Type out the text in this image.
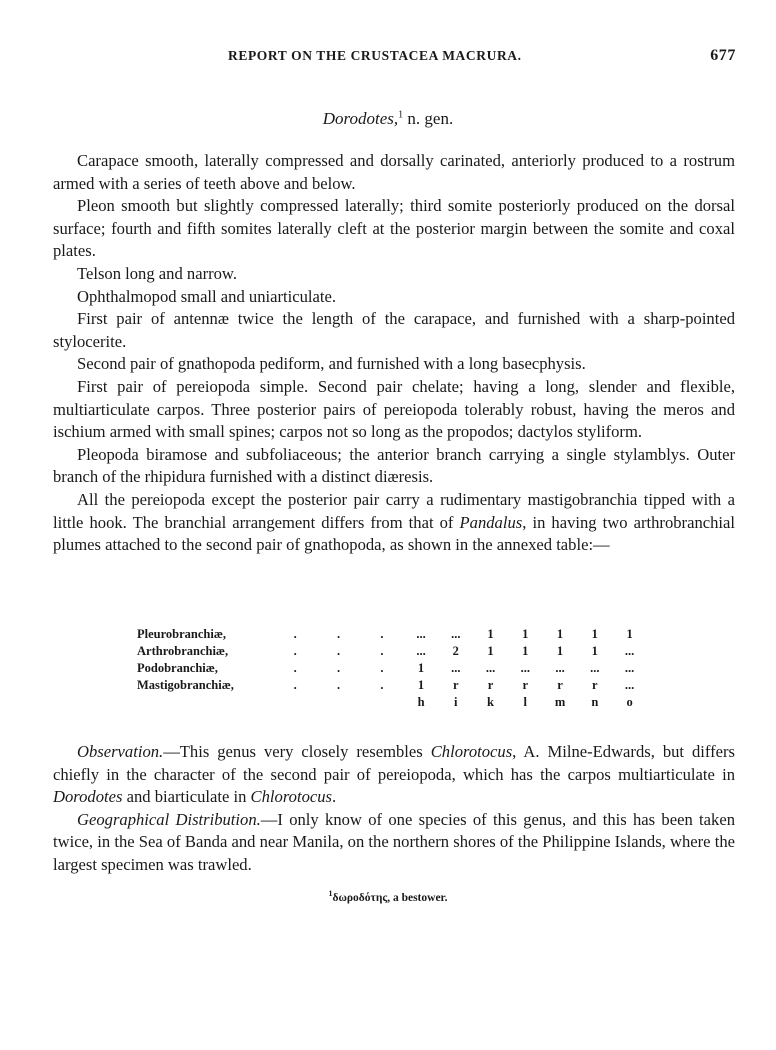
REPORT ON THE CRUSTACEA MACRURA.	677
Dorodotes,$^1$ n. gen.

Carapace smooth, laterally compressed and dorsally carinated, anteriorly produced to a rostrum armed with a series of teeth above and below.

Pleon smooth but slightly compressed laterally; third somite posteriorly produced on the dorsal surface; fourth and fifth somites laterally cleft at the posterior margin between the somite and coxal plates.

Telson long and narrow.

Ophthalmopod small and uniarticulate.

First pair of antennæ twice the length of the carapace, and furnished with a sharp-pointed stylocerite.

Second pair of gnathopoda pediform, and furnished with a long basecphysis.

First pair of pereiopoda simple. Second pair chelate; having a long, slender and flexible, multiarticulate carpos. Three posterior pairs of pereiopoda tolerably robust, having the meros and ischium armed with small spines; carpos not so long as the propodos; dactylos styliform.

Pleopoda biramose and subfoliaceous; the anterior branch carrying a single stylamblys. Outer branch of the rhipidura furnished with a distinct diæresis.

All the pereiopoda except the posterior pair carry a rudimentary mastigobranchia tipped with a little hook. The branchial arrangement differs from that of Pandalus, in having two arthrobranchial plumes attached to the second pair of gnathopoda, as shown in the annexed table:—

Pleurobranchiæ,	.	.	.	...	...	1	1	1	1	1
Arthrobranchiæ,	.	.	.	...	2	1	1	1	1	...
Podobranchiæ,	.	.	.	1	...	...	...	...	...	...
Mastigobranchiæ,	.	.	.	1	r	r	r	r	r	...
				h	i	k	l	m	n	o

Observation.—This genus very closely resembles Chlorotocus, A. Milne-Edwards, but differs chiefly in the character of the second pair of pereiopoda, which has the carpos multiarticulate in Dorodotes and biarticulate in Chlorotocus.

Geographical Distribution.—I only know of one species of this genus, and this has been taken twice, in the Sea of Banda and near Manila, on the northern shores of the Philippine Islands, where the largest specimen was trawled.

$^1$δωροδότης, a bestower.
